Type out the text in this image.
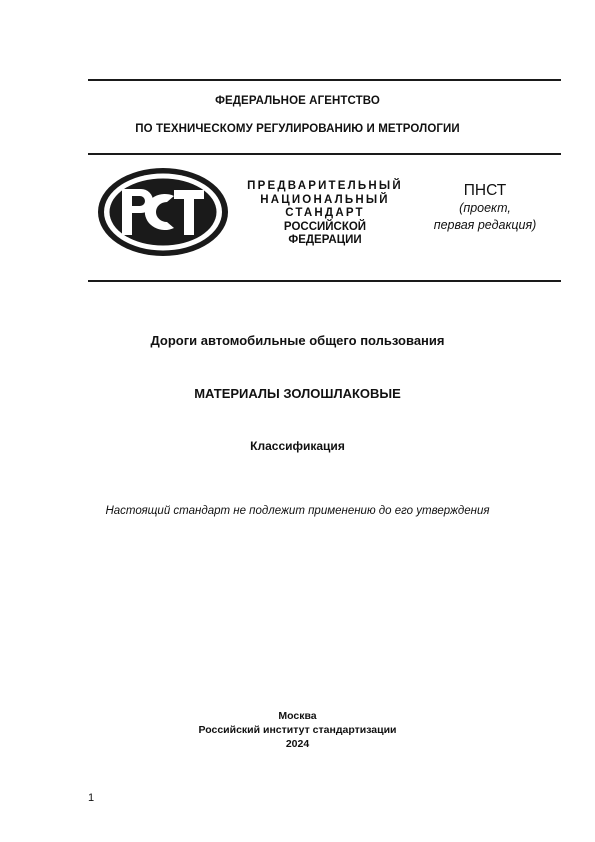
ФЕДЕРАЛЬНОЕ АГЕНТСТВО
ПО ТЕХНИЧЕСКОМУ РЕГУЛИРОВАНИЮ И МЕТРОЛОГИИ
ПРЕДВАРИТЕЛЬНЫЙ
НАЦИОНАЛЬНЫЙ
СТАНДАРТ
РОССИЙСКОЙ
ФЕДЕРАЦИИ
ПНСТ
(проект,
первая редакция)
Дороги автомобильные общего пользования
МАТЕРИАЛЫ ЗОЛОШЛАКОВЫЕ
Классификация
Настоящий стандарт не подлежит применению до его утверждения
Москва
Российский институт стандартизации
2024
1
